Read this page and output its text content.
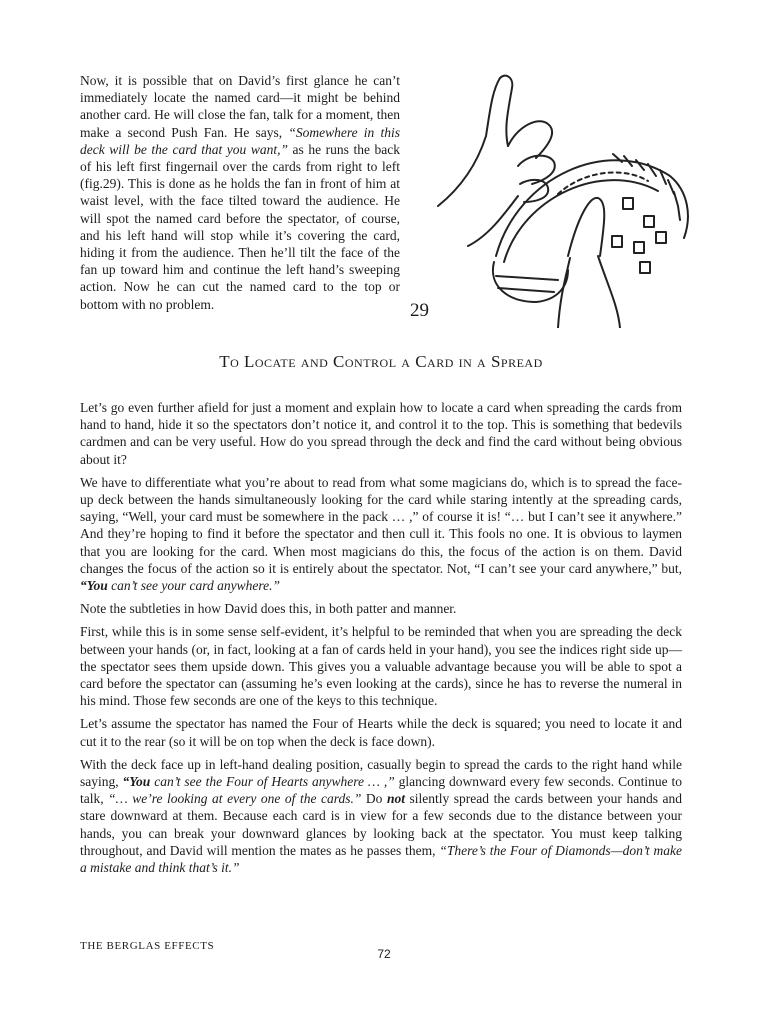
Now, it is possible that on David’s first glance he can’t immediately locate the named card—it might be behind another card. He will close the fan, talk for a moment, then make a second Push Fan. He says, “Somewhere in this deck will be the card that you want,” as he runs the back of his left first fingernail over the cards from right to left (fig.29). This is done as he holds the fan in front of him at waist level, with the face tilted toward the audience. He will spot the named card before the spectator, of course, and his left hand will stop while it’s covering the card, hiding it from the audience. Then he’ll tilt the face of the fan up toward him and continue the left hand’s sweeping action. Now he can cut the named card to the top or bottom with no problem.	29
To Locate and Control a Card in a Spread

Let’s go even further afield for just a moment and explain how to locate a card when spreading the cards from hand to hand, hide it so the spectators don’t notice it, and control it to the top. This is something that bedevils cardmen and can be very useful. How do you spread through the deck and find the card without being obvious about it?

We have to differentiate what you’re about to read from what some magicians do, which is to spread the face-up deck between the hands simultaneously looking for the card while staring intently at the spreading cards, saying, “Well, your card must be somewhere in the pack … ,” of course it is! “… but I can’t see it anywhere.” And they’re hoping to find it before the spectator and then cull it. This fools no one. It is obvious to laymen that you are looking for the card. When most magicians do this, the focus of the action is on them. David changes the focus of the action so it is entirely about the spectator. Not, “I can’t see your card anywhere,” but, “You can’t see your card anywhere.”

Note the subtleties in how David does this, in both patter and manner.

First, while this is in some sense self-evident, it’s helpful to be reminded that when you are spreading the deck between your hands (or, in fact, looking at a fan of cards held in your hand), you see the indices right side up—the spectator sees them upside down. This gives you a valuable advantage because you will be able to spot a card before the spectator can (assuming he’s even looking at the cards), since he has to reverse the numeral in his mind. Those few seconds are one of the keys to this technique.

Let’s assume the spectator has named the Four of Hearts while the deck is squared; you need to locate it and cut it to the rear (so it will be on top when the deck is face down).

With the deck face up in left-hand dealing position, casually begin to spread the cards to the right hand while saying, “You can’t see the Four of Hearts anywhere … ,” glancing downward every few seconds. Continue to talk, “… we’re looking at every one of the cards.” Do not silently spread the cards between your hands and stare downward at them. Because each card is in view for a few seconds due to the distance between your hands, you can break your downward glances by looking back at the spectator. You must keep talking throughout, and David will mention the mates as he passes them, “There’s the Four of Diamonds—don’t make a mistake and think that’s it.”

THE BERGLAS EFFECTS
72
